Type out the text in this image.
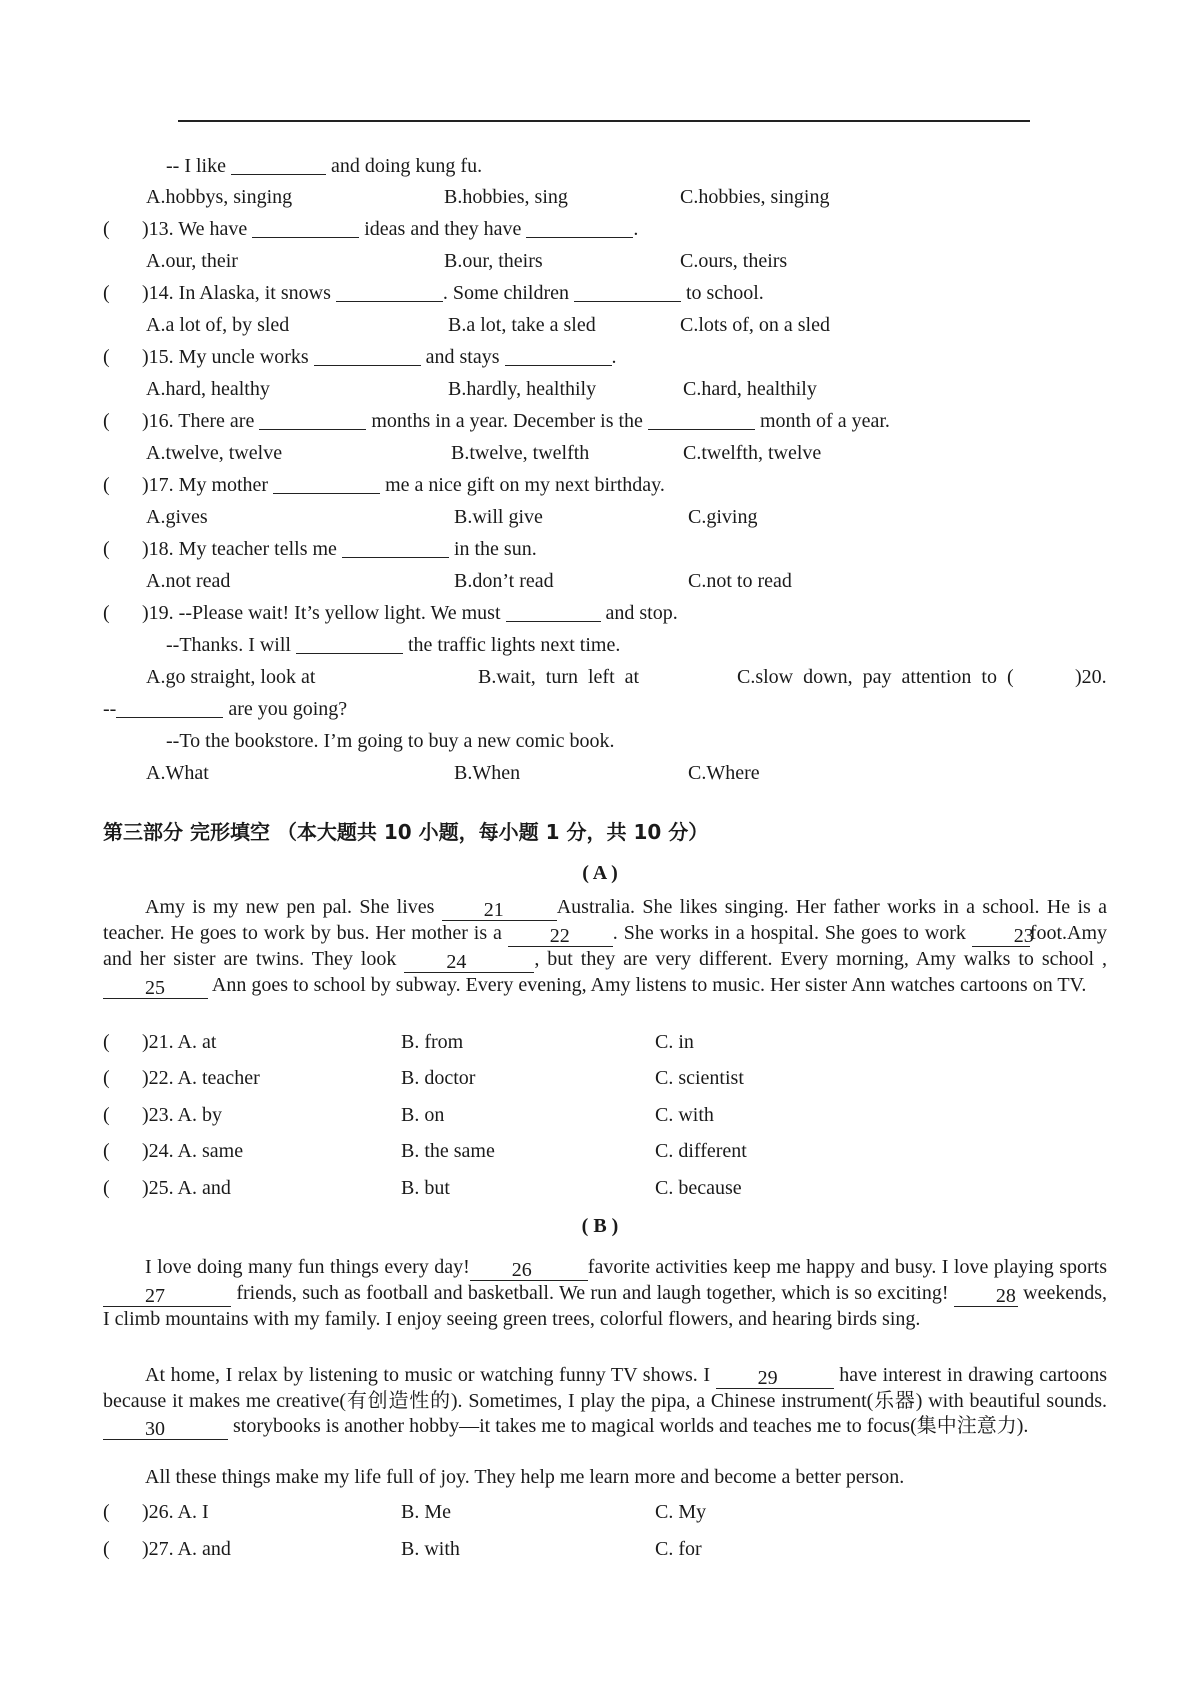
-- I like	and doing kung fu.
A.hobbys, singing	B.hobbies, sing	C.hobbies, singing
( )13. We have	ideas and they have	.
A.our, their	B.our, theirs	C.ours, theirs
( )14. In Alaska, it snows	. Some children	to school.
A.a lot of, by sled	B.a lot, take a sled	C.lots of, on a sled
( )15. My uncle works	and stays	.
A.hard, healthy	B.hardly, healthily	C.hard, healthily
( )16. There are	months in a year. December is the	month of a year.
A.twelve, twelve	B.twelve, twelfth	C.twelfth, twelve
( )17. My mother	me a nice gift on my next birthday.
A.gives	B.will give	C.giving
( )18. My teacher tells me	in the sun.
A.not read	B.don’t read	C.not to read
( )19. --Please wait! It’s yellow light. We must	and stop.
--Thanks. I will	the traffic lights next time.
A.go straight, look at	B.wait,  turn  left  at	C.slow  down,  pay  attention  to  (	)20.
--	are you going?
--To the bookstore. I’m going to buy a new comic book.
A.What	B.When	C.Where
第三部分 完形填空 （本大题共 10 小题，每小题 1 分，共 10 分）
( A )
Amy is my new pen pal. She lives 21	Australia. She likes singing. Her father works in a school. He is a teacher. He goes to work by bus. Her mother is a 22 . She works in a hospital. She goes to work 23foot.Amy and her sister are twins. They look 24	, but they are very different. Every morning, Amy walks to school , 25 Ann goes to school by subway. Every evening, Amy listens to music. Her sister Ann watches cartoons on TV.
( )21. A. at	B. from	C. in
( )22. A. teacher	B. doctor	C. scientist
( )23. A. by	B. on	C. with
( )24. A. same	B. the same	C. different
( )25. A. and	B. but	C. because
( B )
I love doing many fun things every day! 26	favorite activities keep me happy and busy. I love playing sports 27	friends, such as football and basketball. We run and laugh together, which is so exciting! 28 weekends, I climb mountains with my family. I enjoy seeing green trees, colorful flowers, and hearing birds sing.
At home, I relax by listening to music or watching funny TV shows. I 29	have interest in drawing cartoons because it makes me creative(有创造性的). Sometimes, I play the pipa, a Chinese instrument(乐器) with beautiful sounds. 30	storybooks is another hobby—it takes me to magical worlds and teaches me to focus(集中注意力).
All these things make my life full of joy. They help me learn more and become a better person.
( )26. A. I	B. Me	C. My
( )27. A. and	B. with	C. for
